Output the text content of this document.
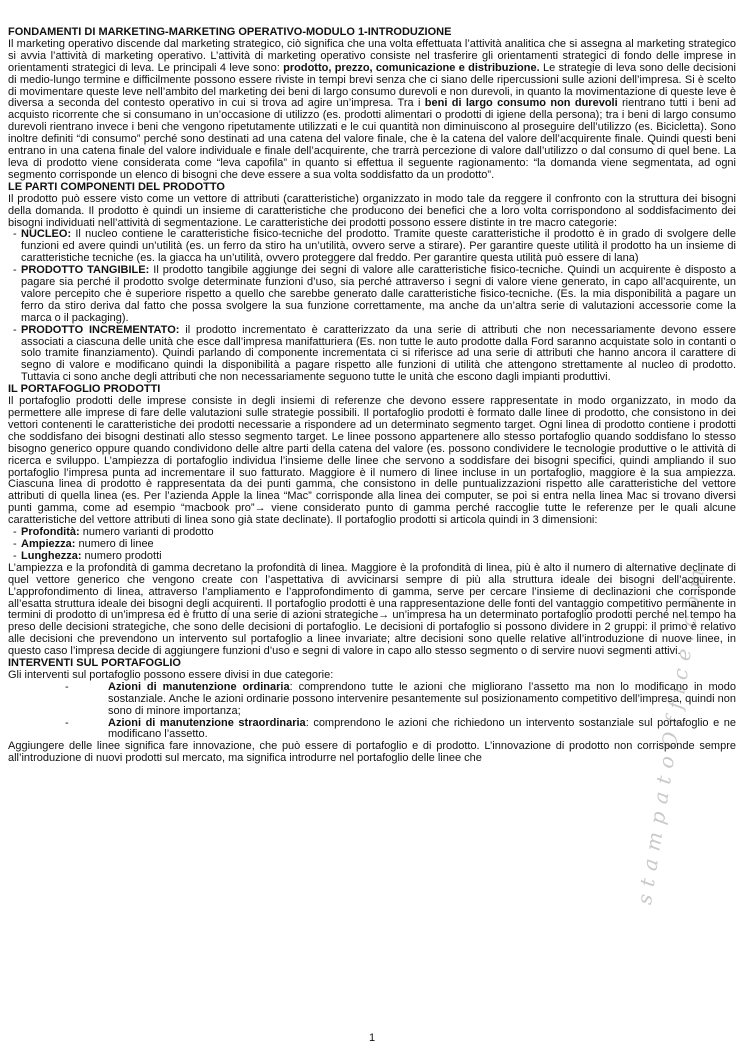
stampatoOffice.com
FONDAMENTI DI MARKETING-MARKETING OPERATIVO-MODULO 1-INTRODUZIONE
Il marketing operativo discende dal marketing strategico, ciò significa che una volta effettuata l’attività analitica che si assegna al marketing strategico si avvia l’attività di marketing operativo. L’attività di marketing operativo consiste nel trasferire gli orientamenti strategici di fondo delle imprese in orientamenti strategici di leva. Le principali 4 leve sono: prodotto, prezzo, comunicazione e distribuzione. Le strategie di leva sono delle decisioni di medio-lungo termine e difficilmente possono essere riviste in tempi brevi senza che ci siano delle ripercussioni sulle azioni dell’impresa. Si è scelto di movimentare queste leve nell’ambito del marketing dei beni di largo consumo durevoli e non durevoli, in quanto la movimentazione di queste leve è diversa a seconda del contesto operativo in cui si trova ad agire un’impresa. Tra i beni di largo consumo non durevoli rientrano tutti i beni ad acquisto ricorrente che si consumano in un’occasione di utilizzo (es. prodotti alimentari o prodotti di igiene della persona); tra i beni di largo consumo durevoli rientrano invece i beni che vengono ripetutamente utilizzati e le cui quantità non diminuiscono al proseguire dell’utilizzo (es. Bicicletta). Sono inoltre definiti “di consumo” perché sono destinati ad una catena del valore finale, che è la catena del valore dell’acquirente finale. Quindi questi beni entrano in una catena finale del valore individuale e finale dell’acquirente, che trarrà percezione di valore dall’utilizzo o dal consumo di quel bene. La leva di prodotto viene considerata come “leva capofila” in quanto si effettua il seguente ragionamento: “la domanda viene segmentata, ad ogni segmento corrisponde un elenco di bisogni che deve essere a sua volta soddisfatto da un prodotto”.
LE PARTI COMPONENTI DEL PRODOTTO
Il prodotto può essere visto come un vettore di attributi (caratteristiche) organizzato in modo tale da reggere il confronto con la struttura dei bisogni della domanda. Il prodotto è quindi un insieme di caratteristiche che producono dei benefici che a loro volta corrispondono al soddisfacimento dei bisogni individuati nell’attività di segmentazione. Le caratteristiche dei prodotti possono essere distinte in tre macro categorie:
- NUCLEO: Il nucleo contiene le caratteristiche fisico-tecniche del prodotto. Tramite queste caratteristiche il prodotto è in grado di svolgere delle funzioni ed avere quindi un’utilità (es. un ferro da stiro ha un’utilità, ovvero serve a stirare). Per garantire queste utilità il prodotto ha un insieme di caratteristiche tecniche (es. la giacca ha un’utilità, ovvero proteggere dal freddo. Per garantire questa utilità può essere di lana)
- PRODOTTO TANGIBILE: Il prodotto tangibile aggiunge dei segni di valore alle caratteristiche fisico-tecniche. Quindi un acquirente è disposto a pagare sia perché il prodotto svolge determinate funzioni d’uso, sia perché attraverso i segni di valore viene generato, in capo all’acquirente, un valore percepito che è superiore rispetto a quello che sarebbe generato dalle caratteristiche fisico-tecniche. (Es. la mia disponibilità a pagare un ferro da stiro deriva dal fatto che possa svolgere la sua funzione correttamente, ma anche da un’altra serie di valutazioni accessorie come la marca o il packaging).
- PRODOTTO INCREMENTATO: il prodotto incrementato è caratterizzato da una serie di attributi che non necessariamente devono essere associati a ciascuna delle unità che esce dall’impresa manifatturiera (Es. non tutte le auto prodotte dalla Ford saranno acquistate solo in contanti o solo tramite finanziamento). Quindi parlando di componente incrementata ci si riferisce ad una serie di attributi che hanno ancora il carattere di segno di valore e modificano quindi la disponibilità a pagare rispetto alle funzioni di utilità che attengono strettamente al nucleo di prodotto. Tuttavia ci sono anche degli attributi che non necessariamente seguono tutte le unità che escono dagli impianti produttivi.
IL PORTAFOGLIO PRODOTTI
Il portafoglio prodotti delle imprese consiste in degli insiemi di referenze che devono essere rappresentate in modo organizzato, in modo da permettere alle imprese di fare delle valutazioni sulle strategie possibili. Il portafoglio prodotti è formato dalle linee di prodotto, che consistono in dei vettori contenenti le caratteristiche dei prodotti necessarie a rispondere ad un determinato segmento target. Ogni linea di prodotto contiene i prodotti che soddisfano dei bisogni destinati allo stesso segmento target. Le linee possono appartenere allo stesso portafoglio quando soddisfano lo stesso bisogno generico oppure quando condividono delle altre parti della catena del valore (es. possono condividere le tecnologie produttive o le attività di ricerca e sviluppo. L’ampiezza di portafoglio individua l’insieme delle linee che servono a soddisfare dei bisogni specifici, quindi ampliando il suo portafoglio l’impresa punta ad incrementare il suo fatturato. Maggiore è il numero di linee incluse in un portafoglio, maggiore è la sua ampiezza. Ciascuna linea di prodotto è rappresentata da dei punti gamma, che consistono in delle puntualizzazioni rispetto alle caratteristiche del vettore attributi di quella linea (es. Per l’azienda Apple la linea “Mac” corrisponde alla linea dei computer, se poi si entra nella linea Mac si trovano diversi punti gamma, come ad esempio “macbook pro”→ viene considerato punto di gamma perché raccoglie tutte le referenze per le quali alcune caratteristiche del vettore attributi di linea sono già state declinate). Il portafoglio prodotti si articola quindi in 3 dimensioni:
- Profondità: numero varianti di prodotto
- Ampiezza: numero di linee
- Lunghezza: numero prodotti
L’ampiezza e la profondità di gamma decretano la profondità di linea. Maggiore è la profondità di linea, più è alto il numero di alternative declinate di quel vettore generico che vengono create con l’aspettativa di avvicinarsi sempre di più alla struttura ideale dei bisogni dell’acquirente. L’approfondimento di linea, attraverso l’ampliamento e l’approfondimento di gamma, serve per cercare l’insieme di declinazioni che corrisponde all’esatta struttura ideale dei bisogni degli acquirenti. Il portafoglio prodotti è una rappresentazione delle fonti del vantaggio competitivo permanente in termini di prodotto di un’impresa ed è frutto di una serie di azioni strategiche→ un’impresa ha un determinato portafoglio prodotti perché nel tempo ha preso delle decisioni strategiche, che sono delle decisioni di portafoglio. Le decisioni di portafoglio si possono dividere in 2 gruppi: il primo è relativo alle decisioni che prevendono un intervento sul portafoglio a linee invariate; altre decisioni sono quelle relative all’introduzione di nuove linee, in questo caso l’impresa decide di aggiungere funzioni d’uso e segni di valore in capo allo stesso segmento o di servire nuovi segmenti attivi.
INTERVENTI SUL PORTAFOGLIO
Gli interventi sul portafoglio possono essere divisi in due categorie:
- Azioni di manutenzione ordinaria: comprendono tutte le azioni che migliorano l’assetto ma non lo modificano in modo sostanziale. Anche le azioni ordinarie possono intervenire pesantemente sul posizionamento competitivo dell’impresa, quindi non sono di minore importanza;
- Azioni di manutenzione straordinaria: comprendono le azioni che richiedono un intervento sostanziale sul portafoglio e ne modificano l’assetto.
Aggiungere delle linee significa fare innovazione, che può essere di portafoglio e di prodotto. L’innovazione di prodotto non corrisponde sempre all’introduzione di nuovi prodotti sul mercato, ma significa introdurre nel portafoglio delle linee che
1
